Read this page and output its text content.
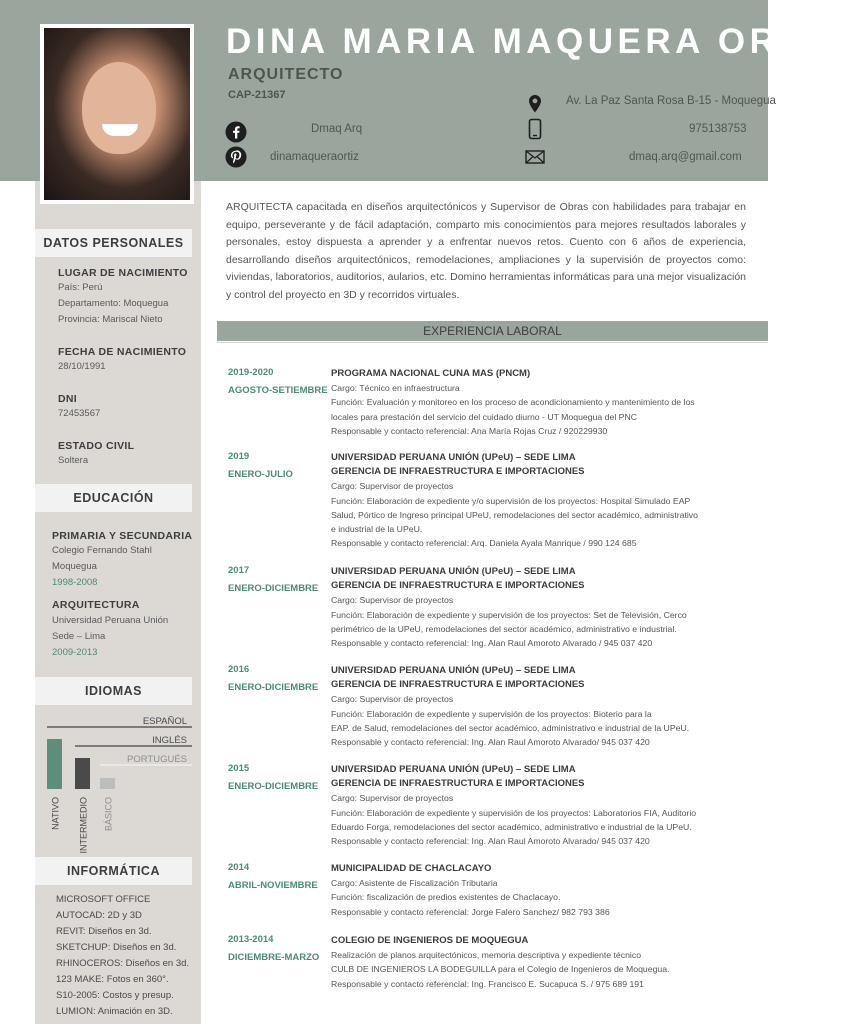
DINA MARIA MAQUERA ORTIZ
ARQUITECTO
CAP-21367
Dmaq Arq
dinamaqueraortiz
Av. La Paz Santa Rosa B-15 - Moquegua
975138753
dmaq.arq@gmail.com
DATOS PERSONALES
LUGAR DE NACIMIENTO
País: Perú
Departamento: Moquegua
Provincia: Mariscal Nieto
FECHA DE NACIMIENTO
28/10/1991
DNI
72453567
ESTADO CIVIL
Soltera
EDUCACIÓN
PRIMARIA Y SECUNDARIA
Colegio Fernando Stahl
Moquegua
1998-2008
ARQUITECTURA
Universidad Peruana Unión
Sede – Lima
2009-2013
IDIOMAS
ESPAÑOL
NATIVO
INGLÉS
INTERMEDIO
PORTUGUÉS
BÁSICO
INFORMÁTICA
MICROSOFT OFFICE
AUTOCAD: 2D y 3D
REVIT: Diseños en 3d.
SKETCHUP: Diseños en 3d.
RHINOCEROS: Diseños en 3d.
123 MAKE: Fotos en 360°.
S10-2005: Costos y presup.
LUMION: Animación en 3D.
ARQUITECTA capacitada en diseños arquitectónicos y Supervisor de Obras con habilidades para trabajar en equipo, perseverante y de fácil adaptación, comparto mis conocimientos para mejores resultados laborales y personales, estoy dispuesta a aprender y a enfrentar nuevos retos. Cuento con 6 años de experiencia, desarrollando diseños arquitectónicos, remodelaciones, ampliaciones y la supervisión de proyectos como: viviendas, laboratorios, auditorios, aularios, etc. Domino herramientas informáticas para una mejor visualización y control del proyecto en 3D y recorridos virtuales.
EXPERIENCIA LABORAL
2019-2020
AGOSTO-SETIEMBRE
PROGRAMA NACIONAL CUNA MAS (PNCM)
Cargo: Técnico en infraestructura
Función: Evaluación y monitoreo en los proceso de acondicionamiento y mantenimiento de los
locales para prestación del servicio del cuidado diurno - UT Moquegua del PNC
Responsable y contacto referencial: Ana María Rojas Cruz / 920229930
2019
ENERO-JULIO
UNIVERSIDAD PERUANA UNIÓN (UPeU) – SEDE LIMA
GERENCIA DE INFRAESTRUCTURA E IMPORTACIONES
Cargo: Supervisor de proyectos
Función: Elaboración de expediente y/o supervisión de los proyectos: Hospital Simulado EAP
Salud, Pórtico de Ingreso principal UPeU, remodelaciones del sector académico, administrativo
e industrial de la UPeU.
Responsable y contacto referencial: Arq. Daniela Ayala Manrique / 990 124 685
2017
ENERO-DICIEMBRE
UNIVERSIDAD PERUANA UNIÓN (UPeU) – SEDE LIMA
GERENCIA DE INFRAESTRUCTURA E IMPORTACIONES
Cargo: Supervisor de proyectos
Función: Elaboración de expediente y supervisión de los proyectos: Set de Televisión, Cerco
perimétrico de la UPeU, remodelaciones del sector académico, administrativo e industrial.
Responsable y contacto referencial: Ing. Alan Raul Amoroto Alvarado / 945 037 420
2016
ENERO-DICIEMBRE
UNIVERSIDAD PERUANA UNIÓN (UPeU) – SEDE LIMA
GERENCIA DE INFRAESTRUCTURA E IMPORTACIONES
Cargo: Supervisor de proyectos
Función: Elaboración de expediente y supervisión de los proyectos: Bioterio para la
EAP. de Salud, remodelaciones del sector académico, administrativo e industrial de la UPeU.
Responsable y contacto referencial: Ing. Alan Raul Amoroto Alvarado/ 945 037 420
2015
ENERO-DICIEMBRE
UNIVERSIDAD PERUANA UNIÓN (UPeU) – SEDE LIMA
GERENCIA DE INFRAESTRUCTURA E IMPORTACIONES
Cargo: Supervisor de proyectos
Función: Elaboración de expediente y supervisión de los proyectos: Laboratorios FIA, Auditorio
Eduardo Forga, remodelaciones del sector académico, administrativo e industrial de la UPeU.
Responsable y contacto referencial: Ing. Alan Raul Amoroto Alvarado/ 945 037 420
2014
ABRIL-NOVIEMBRE
MUNICIPALIDAD DE CHACLACAYO
Cargo: Asistente de Fiscalización Tributaria
Función: fiscalización de predios existentes de Chaclacayo.
Responsable y contacto referencial: Jorge Falero Sanchez/ 982 793 386
2013-2014
DICIEMBRE-MARZO
COLEGIO DE INGENIEROS DE MOQUEGUA
Realización de planos arquitectónicos, memoria descriptiva y expediente técnico
CULB DE INGENIEROS LA BODEGUILLA para el Colegio de Ingenieros de Moquegua.
Responsable y contacto referencial: Ing. Francisco E. Sucapuca S. / 975 689 191
